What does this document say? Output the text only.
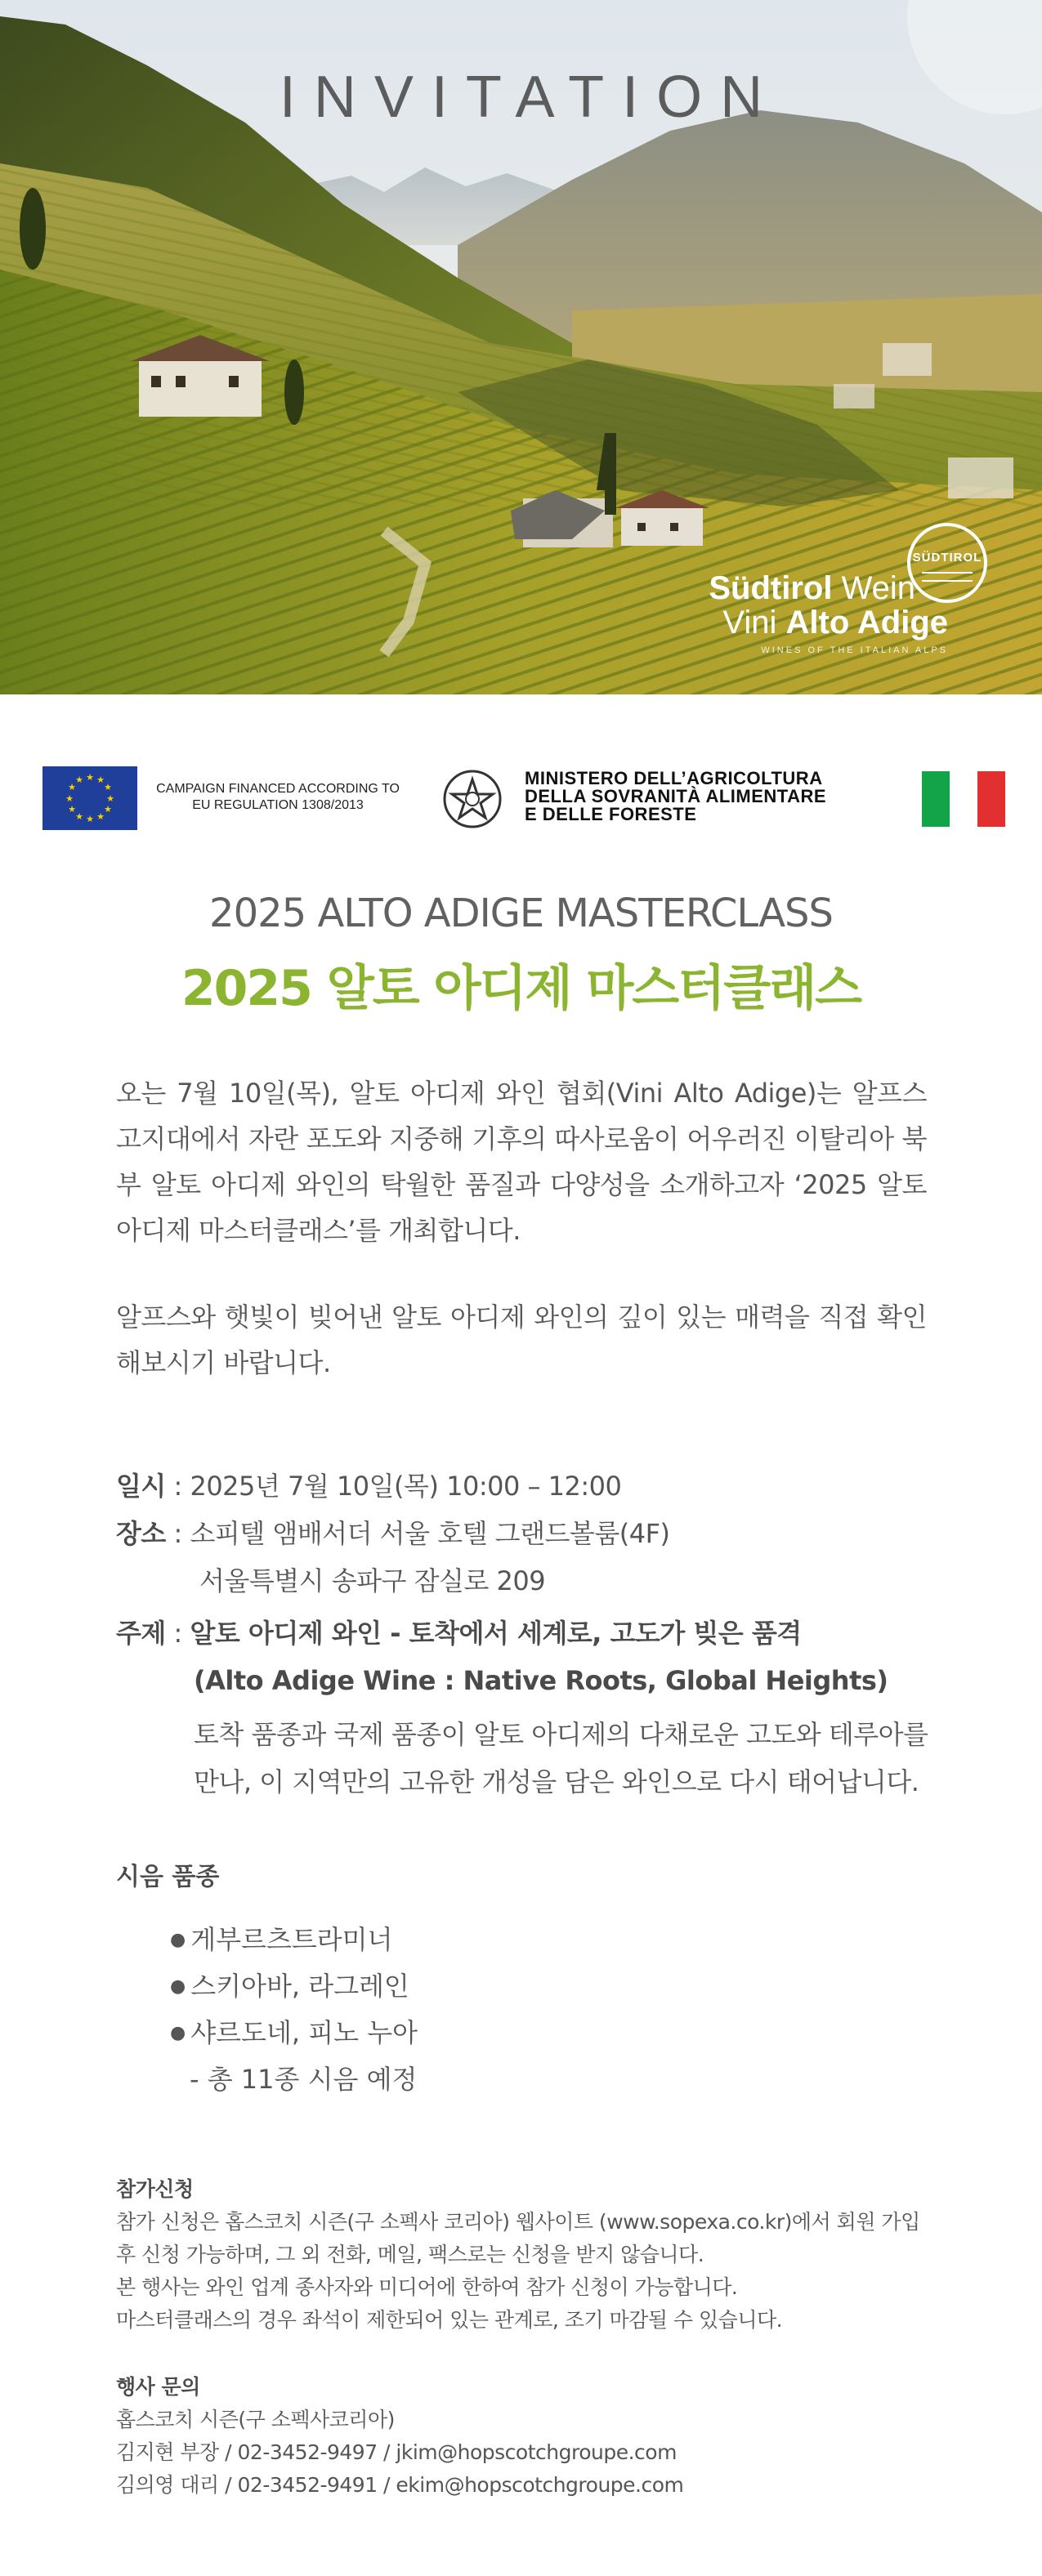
INVITATION
SÜDTIROL
Südtirol Wein
Vini Alto Adige
WINES OF THE ITALIAN ALPS
★ ★
★
★
★
★
★
★
★
★
★
★
CAMPAIGN FINANCED ACCORDING TO EU REGULATION 1308/2013
MINISTERO DELL’AGRICOLTURA
DELLA SOVRANITÀ ALIMENTARE
E DELLE FORESTE
2025 ALTO ADIGE MASTERCLASS
2025 알토 아디제 마스터클래스

오는 7월 10일(목), 알토 아디제 와인 협회(Vini Alto Adige)는 알프스 고지대에서 자란 포도와 지중해 기후의 따사로움이 어우러진 이탈리아 북부 알토 아디제 와인의 탁월한 품질과 다양성을 소개하고자 ‘2025 알토 아디제 마스터클래스’를 개최합니다.

알프스와 햇빛이 빚어낸 알토 아디제 와인의 깊이 있는 매력을 직접 확인해보시기 바랍니다.

일시 : 2025년 7월 10일(목) 10:00 – 12:00
장소 : 소피텔 앰배서더 서울 호텔 그랜드볼룸(4F)
서울특별시 송파구 잠실로 209
주제 : 알토 아디제 와인 - 토착에서 세계로, 고도가 빚은 품격
(Alto Adige Wine : Native Roots, Global Heights)
토착 품종과 국제 품종이 알토 아디제의 다채로운 고도와 테루아를
만나, 이 지역만의 고유한 개성을 담은 와인으로 다시 태어납니다.
시음 품종
● 게부르츠트라미너
● 스키아바, 라그레인
● 샤르도네, 피노 누아
- 총 11종 시음 예정
참가신청

참가 신청은 홉스코치 시즌(구 소펙사 코리아) 웹사이트 (www.sopexa.co.kr)에서 회원 가입

후 신청 가능하며, 그 외 전화, 메일, 팩스로는 신청을 받지 않습니다.

본 행사는 와인 업계 종사자와 미디어에 한하여 참가 신청이 가능합니다.

마스터클래스의 경우 좌석이 제한되어 있는 관계로, 조기 마감될 수 있습니다.

행사 문의

홉스코치 시즌(구 소펙사코리아)

김지현 부장 / 02-3452-9497 / jkim@hopscotchgroupe.com

김의영 대리 / 02-3452-9491 / ekim@hopscotchgroupe.com
